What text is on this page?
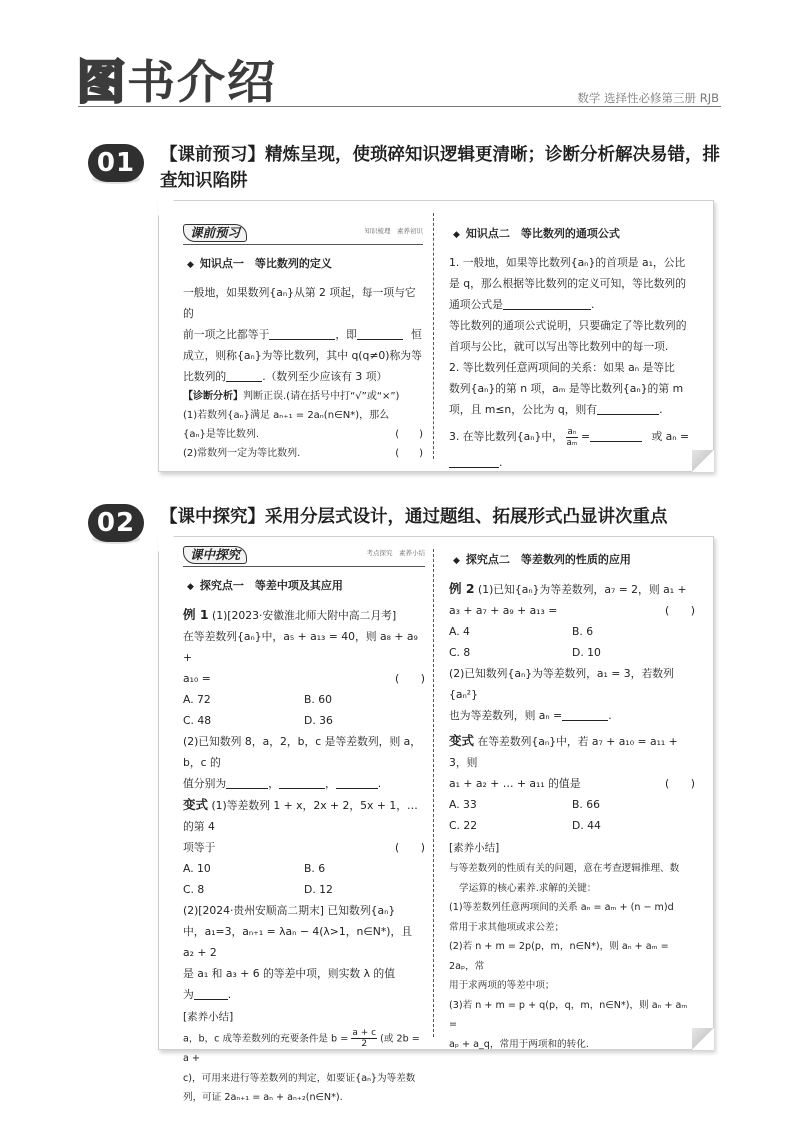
图 书 介 绍	数学 选择性必修第三册 RJB
01	【课前预习】精炼呈现，使琐碎知识逻辑更清晰；诊断分析解决易错，排查知识陷阱
课前预习	知识梳理　素养初识
◆ 知识点一　等比数列的定义
一般地，如果数列{aₙ}从第 2 项起，每一项与它的
前一项之比都等于	，即	恒
成立，则称{aₙ}为等比数列，其中 q(q≠0)称为等
比数列的	.（数列至少应该有 3 项）
【诊断分析】判断正误.(请在括号中打“√”或“×”)
(1)若数列{aₙ}满足 aₙ₊₁ = 2aₙ(n∈N*)，那么
{aₙ}是等比数列.	(　　)
(2)常数列一定为等比数列.	(　　)
◆ 知识点二　等比数列的通项公式
1. 一般地，如果等比数列{aₙ}的首项是 a₁，公比
是 q，那么根据等比数列的定义可知，等比数列的
通项公式是	.
等比数列的通项公式说明，只要确定了等比数列的
首项与公比，就可以写出等比数列中的每一项.
2. 等比数列任意两项间的关系：如果 aₙ 是等比
数列{aₙ}的第 n 项，aₘ 是等比数列{aₙ}的第 m
项，且 m≤n，公比为 q，则有	.
3. 在等比数列{aₙ}中， $\frac{\text{aₙ}}{\text{aₘ}}$ =	或 aₙ =
.
02	【课中探究】采用分层式设计，通过题组、拓展形式凸显讲次重点
课中探究	考点探究　素养小结
◆ 探究点一　等差中项及其应用
例 1 (1)[2023·安徽淮北师大附中高二月考]
在等差数列{aₙ}中，a₅ + a₁₃ = 40，则 a₈ + a₉ +
a₁₀ =	(　　)
A. 72	B. 60
C. 48	D. 36
(2)已知数列 8，a，2，b，c 是等差数列，则 a，b，c 的
值分别为	，	，	.
变式 (1)等差数列 1 + x，2x + 2，5x + 1，… 的第 4
项等于	(　　)
A. 10	B. 6
C. 8	D. 12
(2)[2024·贵州安顺高二期末] 已知数列{aₙ}
中，a₁=3，aₙ₊₁ = λaₙ − 4(λ>1，n∈N*)，且 a₂ + 2
是 a₁ 和 a₃ + 6 的等差中项，则实数 λ 的值
为	.
[素养小结]
a，b，c 成等差数列的充要条件是 $b = \frac{a + c}{2}$ (或 2b = a +
c)，可用来进行等差数列的判定，如要证{aₙ}为等差数
列，可证 2aₙ₊₁ = aₙ + aₙ₊₂(n∈N*).
◆ 探究点二　等差数列的性质的应用
例 2 (1)已知{aₙ}为等差数列，a₇ = 2，则 a₁ +
a₃ + a₇ + a₉ + a₁₃ =	(　　)
A. 4	B. 6
C. 8	D. 10
(2)已知数列{aₙ}为等差数列，a₁ = 3，若数列{aₙ²}
也为等差数列，则 aₙ =	.
变式 在等差数列{aₙ}中，若 a₇ + a₁₀ = a₁₁ + 3，则
a₁ + a₂ + … + a₁₁ 的值是	(　　)
A. 33	B. 66
C. 22	D. 44
[素养小结]
与等差数列的性质有关的问题，意在考查逻辑推理、数
学运算的核心素养.求解的关键：
(1)等差数列任意两项间的关系 aₙ = aₘ + (n − m)d
常用于求其他项或求公差；
(2)若 n + m = 2p(p，m，n∈N*)，则 aₙ + aₘ = 2aₚ，常
用于求两项的等差中项；
(3)若 n + m = p + q(p，q，m，n∈N*)，则 aₙ + aₘ =
aₚ + a_q，常用于两项和的转化.
